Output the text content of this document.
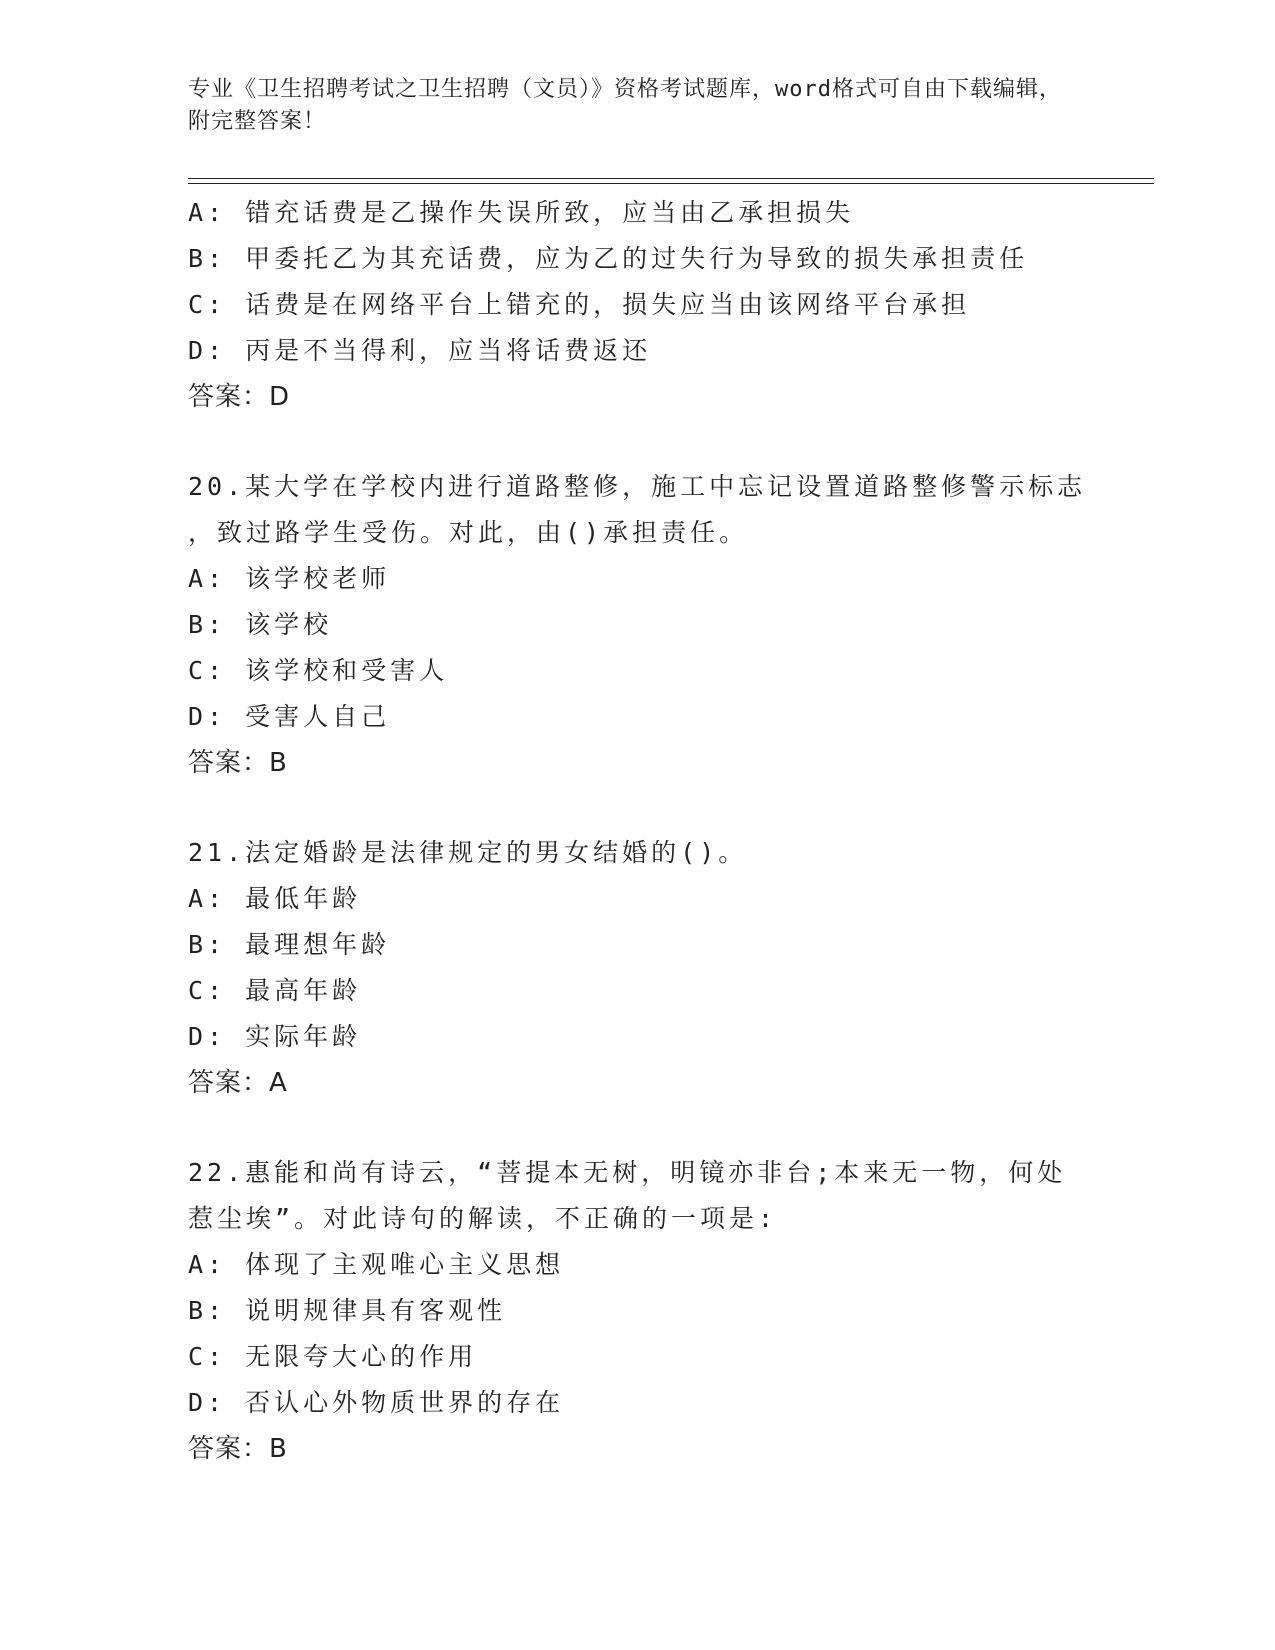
专业《卫生招聘考试之卫生招聘（文员）》资格考试题库，word格式可自由下载编辑，附完整答案！
A: 错充话费是乙操作失误所致，应当由乙承担损失
B: 甲委托乙为其充话费，应为乙的过失行为导致的损失承担责任
C: 话费是在网络平台上错充的，损失应当由该网络平台承担
D: 丙是不当得利，应当将话费返还
答案：D
20.某大学在学校内进行道路整修，施工中忘记设置道路整修警示标志
，致过路学生受伤。对此，由()承担责任。
A: 该学校老师
B: 该学校
C: 该学校和受害人
D: 受害人自己
答案：B
21.法定婚龄是法律规定的男女结婚的()。
A: 最低年龄
B: 最理想年龄
C: 最高年龄
D: 实际年龄
答案：A
22.惠能和尚有诗云，“菩提本无树，明镜亦非台;本来无一物，何处
惹尘埃”。对此诗句的解读，不正确的一项是:
A: 体现了主观唯心主义思想
B: 说明规律具有客观性
C: 无限夸大心的作用
D: 否认心外物质世界的存在
答案：B
